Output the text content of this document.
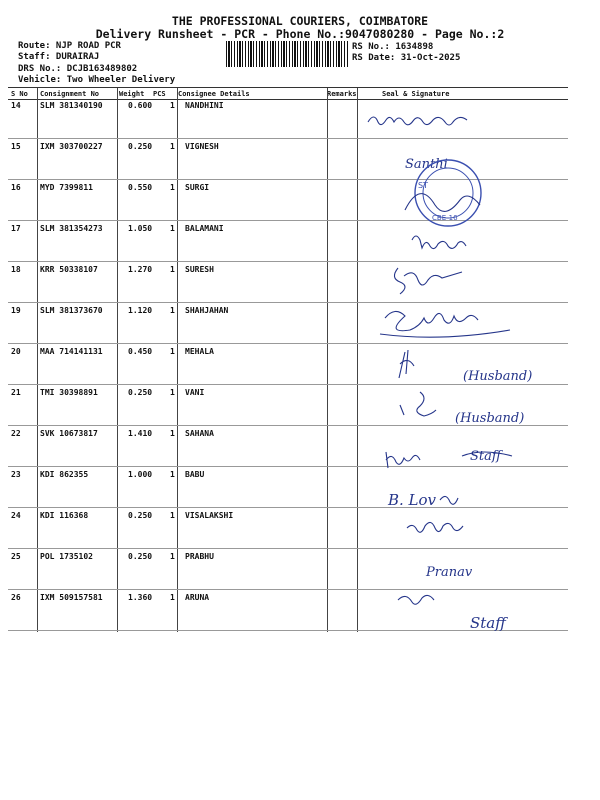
THE PROFESSIONAL COURIERS, COIMBATORE
Delivery Runsheet - PCR - Phone No.:9047080280 - Page No.:2
Route: NJP ROAD PCR
Staff: DURAIRAJ
DRS No.: DCJB163489802
Vehicle: Two Wheeler Delivery
RS No.: 1634898
RS Date: 31-Oct-2025
S No Consignment No	Weight PCS Consignee Details	Remarks	Seal & Signature
14 SLM 381340190	0.600 1 NANDHINI
15 IXM 303700227	0.250 1 VIGNESH
16 MYD 7399811	0.550 1 SURGI
17 SLM 381354273	1.050 1 BALAMANI
18 KRR 50338107	1.270 1 SURESH
19 SLM 381373670	1.120 1 SHAHJAHAN
20 MAA 714141131	0.450 1 MEHALA
21 TMI 30398891	0.250 1 VANI
22 SVK 10673817	1.410 1 SAHANA
23 KDI 862355	1.000 1 BABU
24 KDI 116368	0.250 1 VISALAKSHI
25 POL 1735102	0.250 1 PRABHU
26 IXM 509157581	1.360 1 ARUNA
Santhi
ST
CBE-16
(Husband)
(Husband)
Staff
B. Lov
Pranav
Staff
